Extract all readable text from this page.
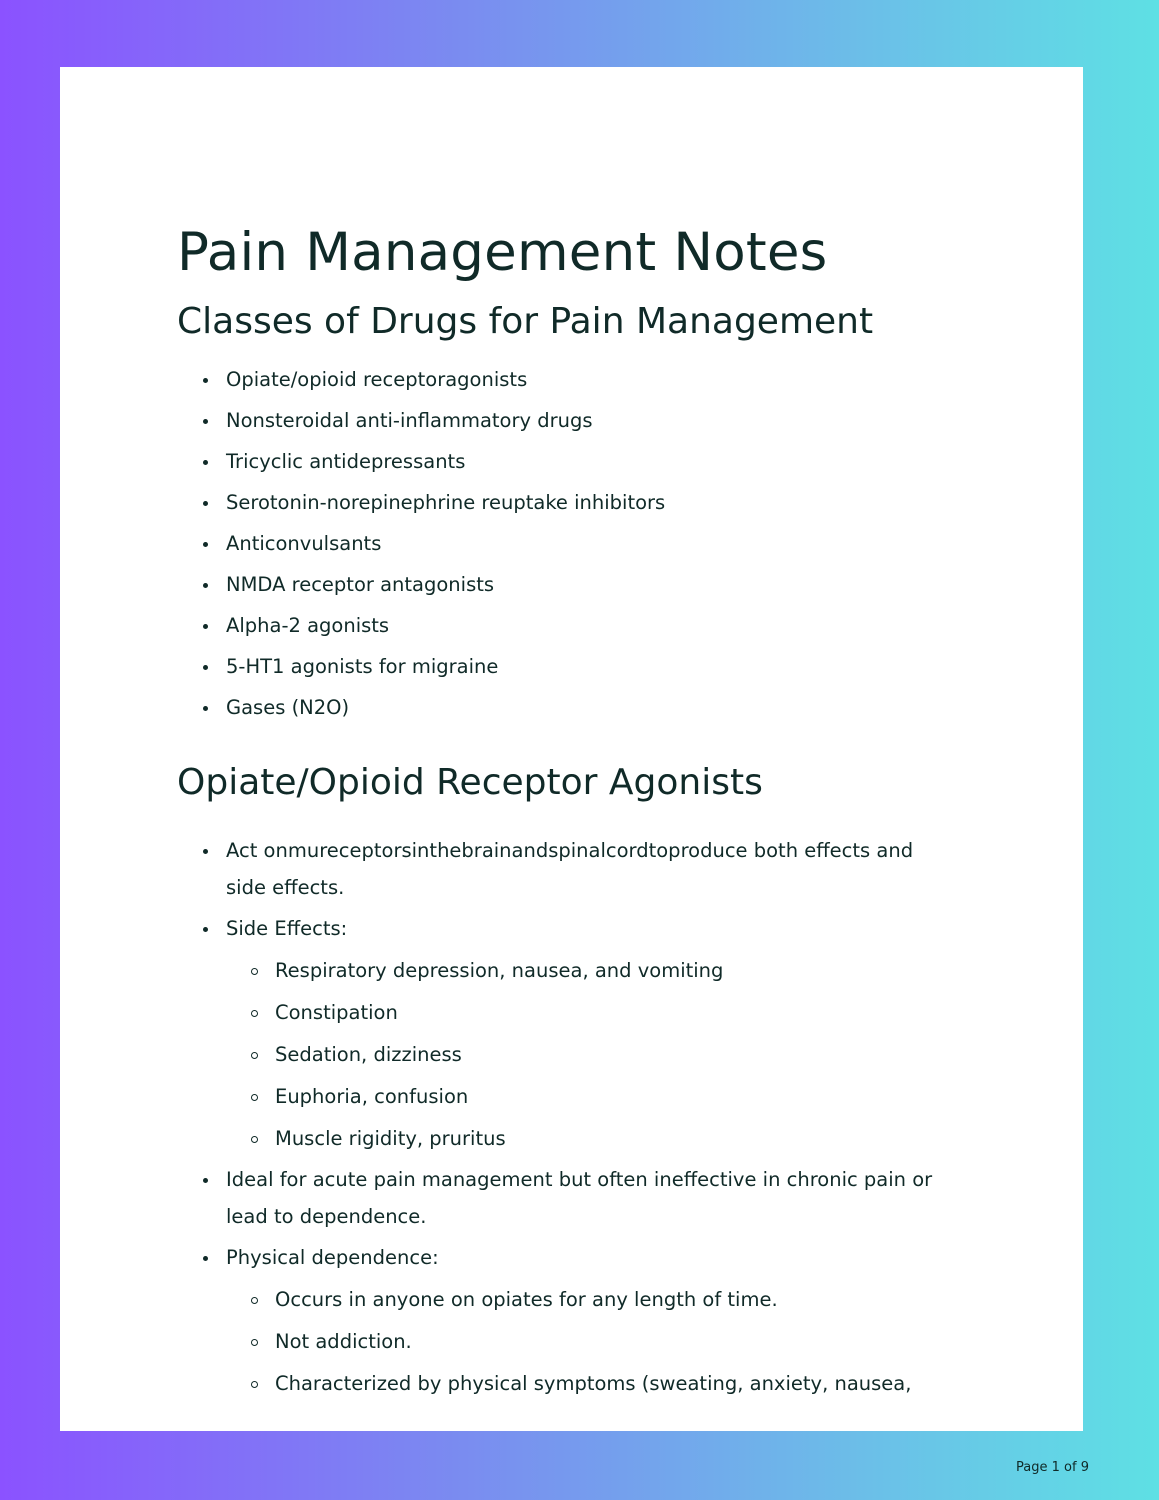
Pain Management Notes
Classes of Drugs for Pain Management
Opiate/opioid receptoragonists
Nonsteroidal anti-inflammatory drugs
Tricyclic antidepressants
Serotonin-norepinephrine reuptake inhibitors
Anticonvulsants
NMDA receptor antagonists
Alpha-2 agonists
5-HT1 agonists for migraine
Gases (N2O)
Opiate/Opioid Receptor Agonists
Act onmureceptorsinthebrainandspinalcordtoproduce both effects and side effects.
Side Effects:
Respiratory depression, nausea, and vomiting
Constipation
Sedation, dizziness
Euphoria, confusion
Muscle rigidity, pruritus
Ideal for acute pain management but often ineffective in chronic pain or lead to dependence.
Physical dependence:
Occurs in anyone on opiates for any length of time.
Not addiction.
Characterized by physical symptoms (sweating, anxiety, nausea,
Page 1 of 9
